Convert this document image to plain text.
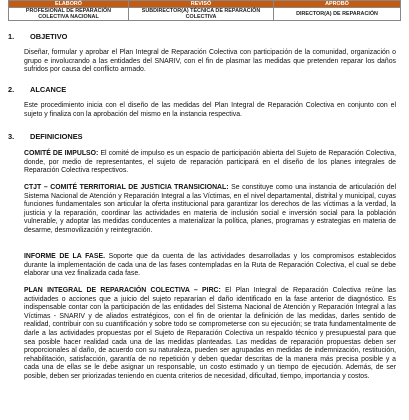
ELABORÓ	REVISÓ	APROBÓ
PROFESIONAL DE REPARACIÓN COLECTIVA NACIONAL	SUBDIRECTOR(A) TÉCNICA DE REPARACIÓN COLECTIVA	DIRECTOR(A) DE REPARACIÓN
1. OBJETIVO

Diseñar, formular y aprobar el Plan Integral de Reparación Colectiva con participación de la comunidad, organización o grupo e involucrando a las entidades del SNARIV, con el fin de plasmar las medidas que pretenden reparar los daños sufridos por causa del conflicto armado.

2. ALCANCE

Este procedimiento inicia con el diseño de las medidas del Plan Integral de Reparación Colectiva en conjunto con el sujeto y finaliza con la aprobación del mismo en la instancia respectiva.

3. DEFINICIONES

COMITÉ DE IMPULSO: El comité de impulso es un espacio de participación abierta del Sujeto de Reparación Colectiva, donde, por medio de representantes, el sujeto de reparación participará en el diseño de los planes integrales de Reparación Colectiva respectivos.

CTJT – COMITÉ TERRITORIAL DE JUSTICIA TRANSICIONAL: Se constituye como una instancia de articulación del Sistema Nacional de Atención y Reparación Integral a las Víctimas, en el nivel departamental, distrital y municipal, cuyas funciones fundamentales son articular la oferta institucional para garantizar los derechos de las víctimas a la verdad, la justicia y la reparación, coordinar las actividades en materia de inclusión social e inversión social para la población vulnerable, y adoptar las medidas conducentes a materializar la política, planes, programas y estrategias en materia de desarme, desmovilización y reintegración.

INFORME DE LA FASE. Soporte que da cuenta de las actividades desarrolladas y los compromisos establecidos durante la implementación de cada una de las fases contempladas en la Ruta de Reparación Colectiva, el cual se debe elaborar una vez finalizada cada fase.

PLAN INTEGRAL DE REPARACIÓN COLECTIVA – PIRC: El Plan Integral de Reparación Colectiva reúne las actividades o acciones que a juicio del sujeto repararían el daño identificado en la fase anterior de diagnóstico. Es indispensable contar con la participación de las entidades del Sistema Nacional de Atención y Reparación Integral a las Víctimas - SNARIV y de aliados estratégicos, con el fin de orientar la definición de las medidas, darles sentido de realidad, contribuir con su cuantificación y sobre todo se comprometerse con su ejecución; se trata fundamentalmente de darle a las actividades propuestas por el Sujeto de Reparación Colectiva un respaldo técnico y presupuestal para que sea posible hacer realidad cada una de las medidas planteadas. Las medidas de reparación propuestas deben ser proporcionales al daño, de acuerdo con su naturaleza, pueden ser agrupadas en medidas de indemnización, restitución, rehabilitación, satisfacción, garantía de no repetición y deben quedar descritas de la manera más precisa posible y a cada una de ellas se le debe asignar un responsable, un costo estimado y un tiempo de ejecución. Además, de ser posible, deben ser priorizadas teniendo en cuenta criterios de necesidad, dificultad, tiempo, importancia y costos.
